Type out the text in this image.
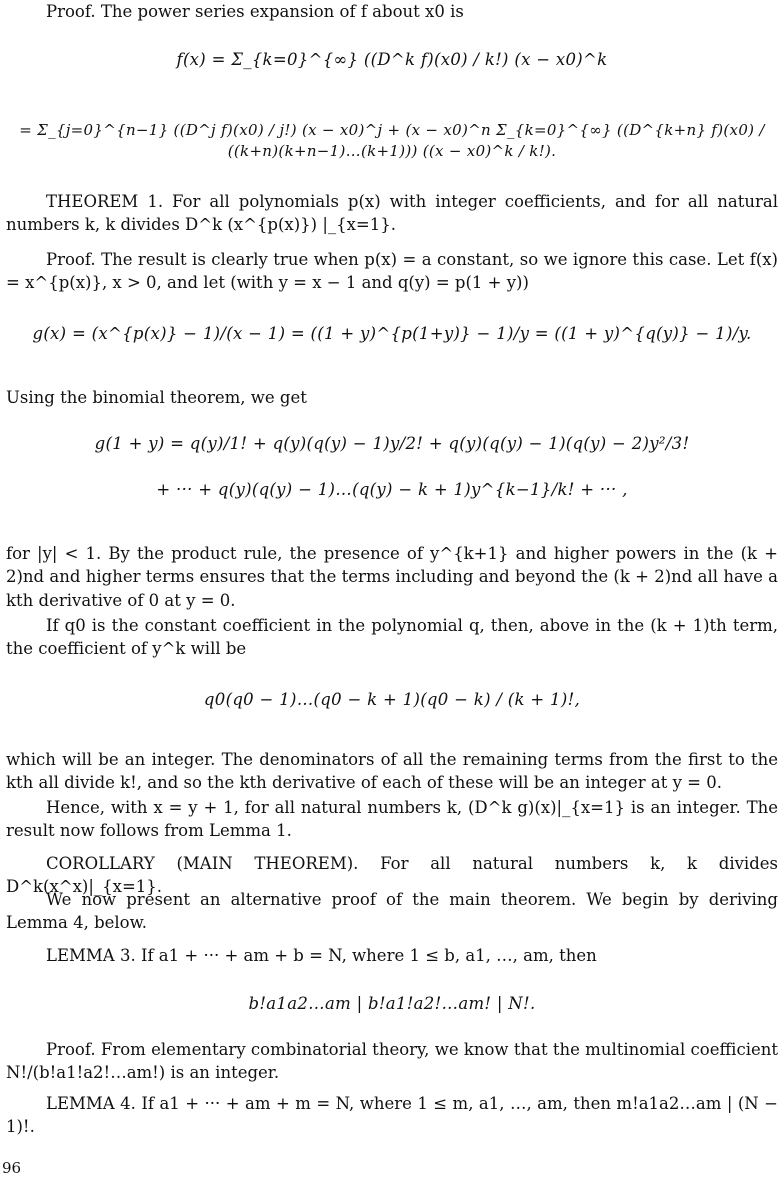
Proof. The power series expansion of f about x0 is

f(x) = Σ_{k=0}^{∞} ((D^k f)(x0) / k!) (x − x0)^k
= Σ_{j=0}^{n−1} ((D^j f)(x0) / j!) (x − x0)^j + (x − x0)^n Σ_{k=0}^{∞} ((D^{k+n} f)(x0) / ((k+n)(k+n−1)…(k+1))) ((x − x0)^k / k!).

THEOREM 1. For all polynomials p(x) with integer coefficients, and for all natural numbers k, k divides D^k (x^{p(x)}) |_{x=1}.

Proof. The result is clearly true when p(x) = a constant, so we ignore this case. Let f(x) = x^{p(x)}, x > 0, and let (with y = x − 1 and q(y) = p(1 + y))

g(x) = (x^{p(x)} − 1)/(x − 1) = ((1 + y)^{p(1+y)} − 1)/y = ((1 + y)^{q(y)} − 1)/y.

Using the binomial theorem, we get

g(1 + y) = q(y)/1! + q(y)(q(y) − 1)y/2! + q(y)(q(y) − 1)(q(y) − 2)y²/3!
+ ··· + q(y)(q(y) − 1)…(q(y) − k + 1)y^{k−1}/k! + ··· ,

for |y| < 1. By the product rule, the presence of y^{k+1} and higher powers in the (k + 2)nd and higher terms ensures that the terms including and beyond the (k + 2)nd all have a kth derivative of 0 at y = 0.

If q0 is the constant coefficient in the polynomial q, then, above in the (k + 1)th term, the coefficient of y^k will be

q0(q0 − 1)…(q0 − k + 1)(q0 − k) / (k + 1)!,

which will be an integer. The denominators of all the remaining terms from the first to the kth all divide k!, and so the kth derivative of each of these will be an integer at y = 0.

Hence, with x = y + 1, for all natural numbers k, (D^k g)(x)|_{x=1} is an integer. The result now follows from Lemma 1.

COROLLARY (MAIN THEOREM). For all natural numbers k, k divides D^k(x^x)|_{x=1}.

We now present an alternative proof of the main theorem. We begin by deriving Lemma 4, below.

LEMMA 3. If a1 + ··· + am + b = N, where 1 ≤ b, a1, …, am, then

b!a1a2…am | b!a1!a2!…am! | N!.

Proof. From elementary combinatorial theory, we know that the multinomial coefficient N!/(b!a1!a2!…am!) is an integer.

LEMMA 4. If a1 + ··· + am + m = N, where 1 ≤ m, a1, …, am, then m!a1a2…am | (N − 1)!.

96
